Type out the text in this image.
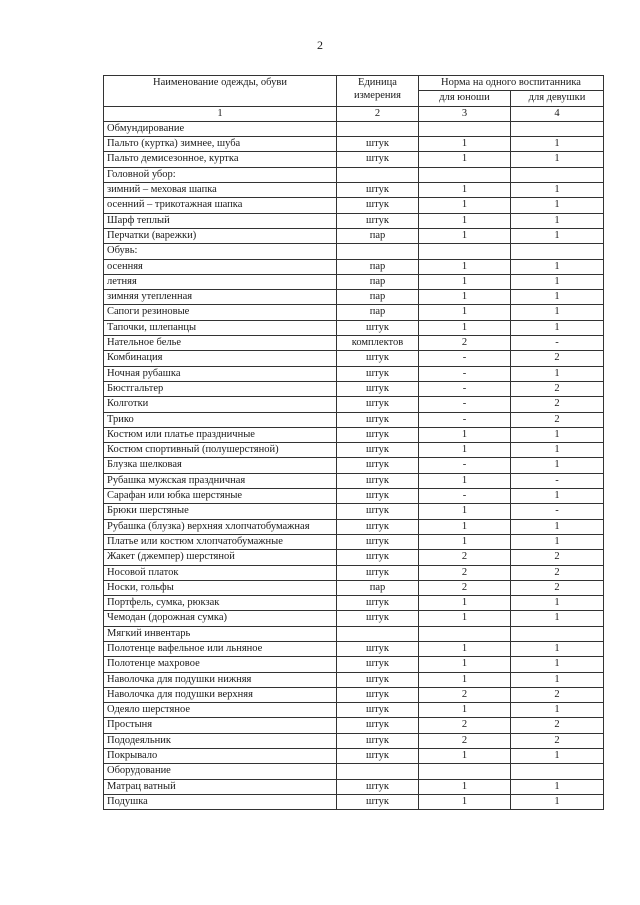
2
Наименование одежды, обуви	Единица измерения	Норма на одного воспитанника	
		для юноши	для девушки
1	2	3	4
Обмундирование			
Пальто (куртка) зимнее, шуба	штук	1	1
Пальто демисезонное, куртка	штук	1	1
Головной убор:			
зимний – меховая шапка	штук	1	1
осенний – трикотажная шапка	штук	1	1
Шарф теплый	штук	1	1
Перчатки (варежки)	пар	1	1
Обувь:			
осенняя	пар	1	1
летняя	пар	1	1
зимняя утепленная	пар	1	1
Сапоги резиновые	пар	1	1
Тапочки, шлепанцы	штук	1	1
Нательное белье	комплектов	2	-
Комбинация	штук	-	2
Ночная рубашка	штук	-	1
Бюстгальтер	штук	-	2
Колготки	штук	-	2
Трико	штук	-	2
Костюм или платье праздничные	штук	1	1
Костюм спортивный (полушерстяной)	штук	1	1
Блузка шелковая	штук	-	1
Рубашка мужская праздничная	штук	1	-
Сарафан или юбка шерстяные	штук	-	1
Брюки шерстяные	штук	1	-
Рубашка (блузка) верхняя хлопчатобумажная	штук	1	1
Платье или костюм хлопчатобумажные	штук	1	1
Жакет (джемпер) шерстяной	штук	2	2
Носовой платок	штук	2	2
Носки, гольфы	пар	2	2
Портфель, сумка, рюкзак	штук	1	1
Чемодан (дорожная сумка)	штук	1	1
Мягкий инвентарь			
Полотенце вафельное или льняное	штук	1	1
Полотенце махровое	штук	1	1
Наволочка для подушки нижняя	штук	1	1
Наволочка для подушки верхняя	штук	2	2
Одеяло шерстяное	штук	1	1
Простыня	штук	2	2
Пододеяльник	штук	2	2
Покрывало	штук	1	1
Оборудование			
Матрац ватный	штук	1	1
Подушка	штук	1	1
